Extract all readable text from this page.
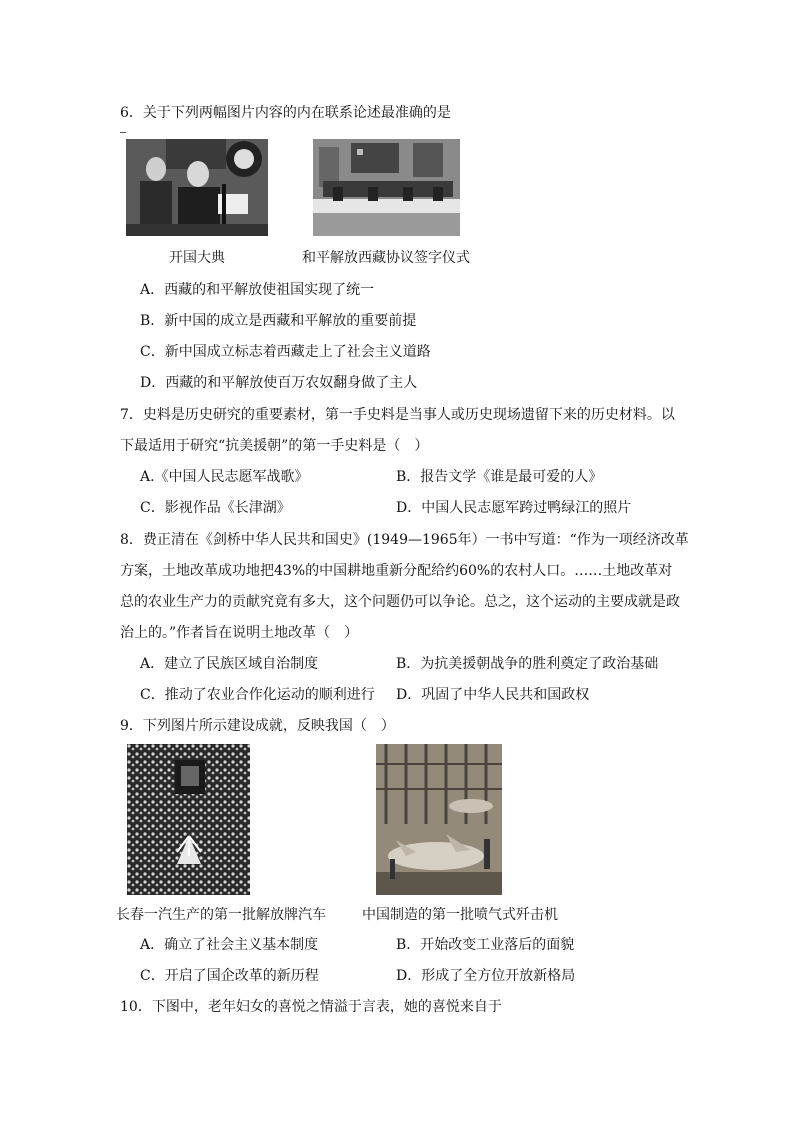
6．关于下列两幅图片内容的内在联系论述最准确的是
开国大典	和平解放西藏协议签字仪式
A．西藏的和平解放使祖国实现了统一
B．新中国的成立是西藏和平解放的重要前提
C．新中国成立标志着西藏走上了社会主义道路
D．西藏的和平解放使百万农奴翻身做了主人
7．史料是历史研究的重要素材，第一手史料是当事人或历史现场遗留下来的历史材料。以
下最适用于研究“抗美援朝”的第一手史料是（　）
A.《中国人民志愿军战歌》	B．报告文学《谁是最可爱的人》
C．影视作品《长津湖》	D．中国人民志愿军跨过鸭绿江的照片
8．费正清在《剑桥中华人民共和国史》(1949—1965年）一书中写道：“作为一项经济改革
方案，土地改革成功地把43%的中国耕地重新分配给约60%的农村人口。……土地改革对
总的农业生产力的贡献究竟有多大，这个问题仍可以争论。总之，这个运动的主要成就是政
治上的。”作者旨在说明土地改革（　）
A．建立了民族区域自治制度	B．为抗美援朝战争的胜利奠定了政治基础
C．推动了农业合作化运动的顺利进行 D．巩固了中华人民共和国政权
9．下列图片所示建设成就，反映我国（　）
长春一汽生产的第一批解放牌汽车	中国制造的第一批喷气式歼击机
A．确立了社会主义基本制度	B．开始改变工业落后的面貌
C．开启了国企改革的新历程	D．形成了全方位开放新格局
10．下图中，老年妇女的喜悦之情溢于言表，她的喜悦来自于
